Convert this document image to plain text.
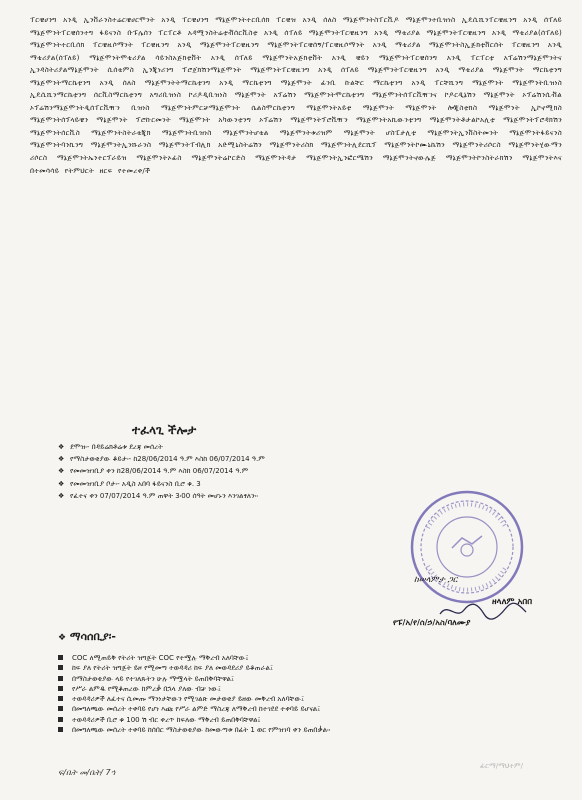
ፐርቼሀንግ አንዲ ኢንቨራንስተሬርቼሀርሞንት አንዲ ፐርቼሀንግ ማኔጅሞንትተርቢሰክ ፐርቼዝ አንዲ ሰለስ ማኔጅሞንትስፐርቪዶ ማኔጅሞንተቢዝነስ ኢዴሲሺንፐርቼዚንግ አንዲ ሰፐለይ ማኔጅሞንትፐርቼሰንተግ ፋይናንስ ቡፑሌሰን ፐርፐርቶ አዳሚንስትሬቲቭሰርቪስቲ አንዲ ሰፐለይ ማኔጅሞንትፐርቼዚንግ አንዲ ማቴሪያል ማኔጅሞንትፐርቼዚንግ አንዲ ማቴሪያል(ሰፐለይ) ማኔጅሞንትተርቢሰክ ፐርቼዚሶማንት ፐርቼዚንግ አንዲ ማኔጅሞንትፐርቼዚንግ ማኔጅሞንትፐርቼሰኝ/ፐርቼዚሶማንት አንዲ ማቴሪያል ማኔጅሞንትስኢጅክቲቨርሰት ፐርቼዚንግ አንዲ ማቴሪያል(ሰፐለይ) ማኔጅሞንትሞቴሪያል ሳይንስአጅክቲቨት አንዲ ሰፐለይ ማኔጅሞንትአጅክቲቨት አንዲ ቼይን ማኔጅሞንትፐርቼሰንግ አንዲ ፐርፐርቲ አፕሬሽንማኔጅሞንትና ኢንዳስትሪያልማኔጅሞንት ሲሰቴምስ ኢንጂነሪንግ ፕሮጀክሽንማኔጅሞንት ማኔጅሞንትፐርቼዚንግ አንዲ ሰፐለይ ማኔጅሞንትፐርቼዚንግ አንዲ ማቴሪያል ማኔጅሞንት ማርኬቲንግ ማኔጅሞንትማርኬቲንግ አንዲ ሰለስ ማኔጅሞንትትማርኬቲንግ አንዲ ማርኬቲንግ ማኔጅሞንት ፊንቢ ኩልቸር ማርኬቲንግ አንዲ ፐርቸሺንግ ማኔጅሞንት ማኔጅሞንትቢዝነስ ኢዴሲሺንማርኬቲንግ ሰርቪስማርኬቲንግ አግሪቢዝነስ ኮሪዶዲቢዝነስ ማኔጅሞንት አፕሬሽን ማኔጅሞንትሞርኬቲንግ ማኔጅሞንትሰፐርቪዥንና ኮዶርዲኔሽን ማኔጅሞንት ኦፕሬሽንሲቭል ኦፕሬሽንማኔጅሞንትዲሰፐርቪዥን ቢዝነስ ማኔጅሞንትምርቻማኔጅሞንት ሴልስሞርኬቲንግ ማኔጅሞንትአይቲ ማኔጅሞንት ማኔጅሞንት ሎጂስቲክስ ማኔጅሞንት ኢኮኖሚክስ ማኔጅሞንትሰፕላይቼን ማኔጅሞንት ፕሮኩርመንት ማኔጅሞንት አካውንቲንግ ኦፕሬሽን ማኔጅሞንትፕሮቪዥን ማኔጅሞንትአኪውንቲንግ ማኔጅሞንትቶታልኮአሊቲ ማኔጅሞንትፕሮዳክሽን ማኔጅሞንትሰርቪስ ማኔጅሞንትስትራቴጂክ ማኔጅሞንትቢዝነስ ማኔጅሞንትሆቴል ማኔጅሞንትቱሪዝም ማኔጅሞንት ሆስፒታሊቲ ማኔጅሞንትኢንቨስትመንት ማኔጅሞንትፋይናንስ ማኔጅሞንትባንኪንግ ማኔጅሞንትኢንሹራንስ ማኔጅሞንትፐብሊክ አድሚኒስትሬሽን ማኔጅሞንትሪስክ ማኔጅሞንትሊደርሺፕ ማኔጅሞንትኮሙኒኬሽን ማኔጅሞንትሪሶርስ ማኔጅሞንትሂውማን ሪሶርስ ማኔጅሞንትኤንተርፕራይዝ ማኔጅሞንትኦፊስ ማኔጅሞንትሬኮርድስ ማኔጅሞንትዳታ ማኔጅሞንትኢንፎርሜሽን ማኔጅሞንትኖውሌጅ ማኔጅሞንትኮንስትራክሽን ማኔጅሞንትእና በተመሳሳይ የትምህርት ዘርፍ የተመረቀ/ች

ተፈላጊ ችሎታ
❖ ደሞዝ፡- በዳይሬክቶሬቱ ደረጃ መሰረት
❖ የማስታወቂያው ቆይታ፡- ከ28/06/2014 ዓ.ም እስከ 06/07/2014 ዓ.ም
❖ የመመዝገቢያ ቀን ከ28/06/2014 ዓ.ም እስከ 06/07/2014 ዓ.ም
❖ የመመዝገቢያ ቦታ፡- አዲስ አበባ ፋይናንስ ቢሮ ቁ. 3
❖ የፈተና ቀን 07/07/2014 ዓ.ም ጠዋት 3፡00 ሰዓት መሆኑን እንገልፃለን፡፡
ከሠላምታ ጋር
ዘላለም አበበ
የፑ/አ/የ/ሰ/ኃ/አስ/ባለሙያ
❖ ማሳሰቢያ፡-
COC ለሚጠይቅ የትሪት ዝግጅት COC የተሟሉ ማቅረብ አለባቸው፤
ከፍ ያለ የትሪት ዝግጅት ይዞ የሚመጣ ተወዳዳሪ ከፍ ያለ መወዳደሪያ ይቆጠራል፤
በማስታወቂያው ላይ የተገለጹትን ሁሉ ማሟላት ይጠበቅባቸዋል፤
የሥራ ልምዱ የሚቆጠረው ከምረቃ በኋላ ያለው ብቻ ነው፤
ተወዳዳሪዎች ለፈተና ሲመጡ ማንነታቸውን የሚገልጽ መታወቂያ ይዘው መቅረብ አለባቸው፤
በመግለጫው መሰረት ተቀባይ የሆነ እጩ የሥራ ልምድ ማስረጃ ለማቅረብ ከተገደደ ተቀባይ ይሆናል፤
ተወዳዳሪዎች ቢሮ ቁ 100 ሽ ብር ቀረጥ ከፍለው ማቅረብ ይጠበቅባቸዋል፤
በመግለጫው መሰረት ተቀባይ ከሰበር ማስታወቂያው ከመውጣቱ በፊት 1 ወር የምዝገባ ቀን ይጠበቃል፡፡
ፍ/ቤት መ/ቤት/ 7ኅ
ፊርማ/ማህተም/
